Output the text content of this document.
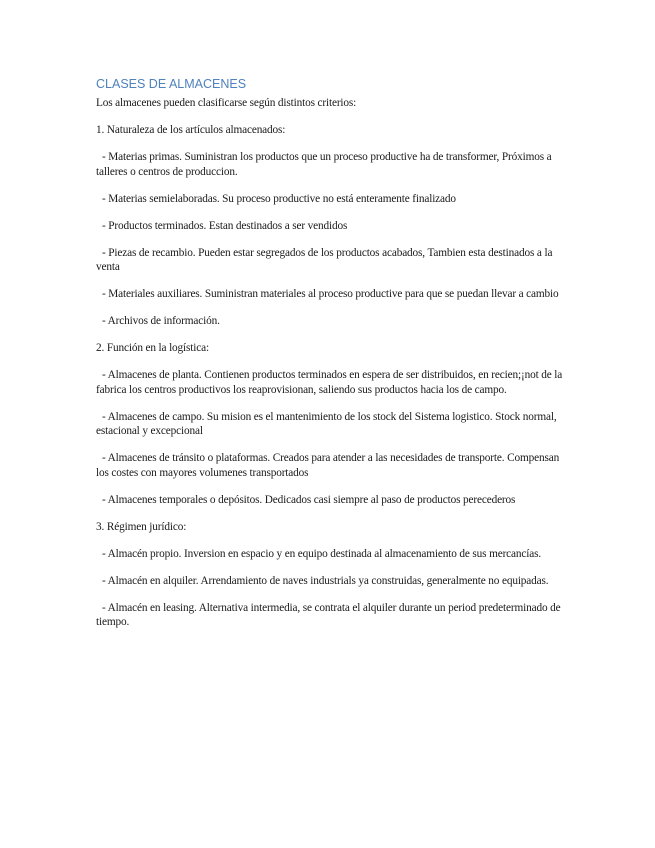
CLASES DE ALMACENES

Los almacenes pueden clasificarse según distintos criterios:

1. Naturaleza de los artículos almacenados:

- Materias primas. Suministran los productos que un proceso productive ha de transformer, Próximos a talleres o centros de produccion.

- Materias semielaboradas. Su proceso productive no está enteramente finalizado

- Productos terminados. Estan destinados a ser vendidos

- Piezas de recambio. Pueden estar segregados de los productos acabados, Tambien esta destinados a la venta

- Materiales auxiliares. Suministran materiales al proceso productive para que se puedan llevar a cambio

- Archivos de información.

2. Función en la logística:

- Almacenes de planta. Contienen productos terminados en espera de ser distribuidos, en recien;¡not de la fabrica los centros productivos los reaprovisionan, saliendo sus productos hacia los de campo.

- Almacenes de campo. Su mision es el mantenimiento de los stock del Sistema logistico. Stock normal, estacional y excepcional

- Almacenes de tránsito o plataformas. Creados para atender a las necesidades de transporte. Compensan los costes con mayores volumenes transportados

- Almacenes temporales o depósitos. Dedicados casi siempre al paso de productos perecederos

3. Régimen jurídico:

- Almacén propio. Inversion en espacio y en equipo destinada al almacenamiento de sus mercancías.

- Almacén en alquiler. Arrendamiento de naves industrials ya construidas, generalmente no equipadas.

- Almacén en leasing. Alternativa intermedia, se contrata el alquiler durante un period predeterminado de tiempo.
